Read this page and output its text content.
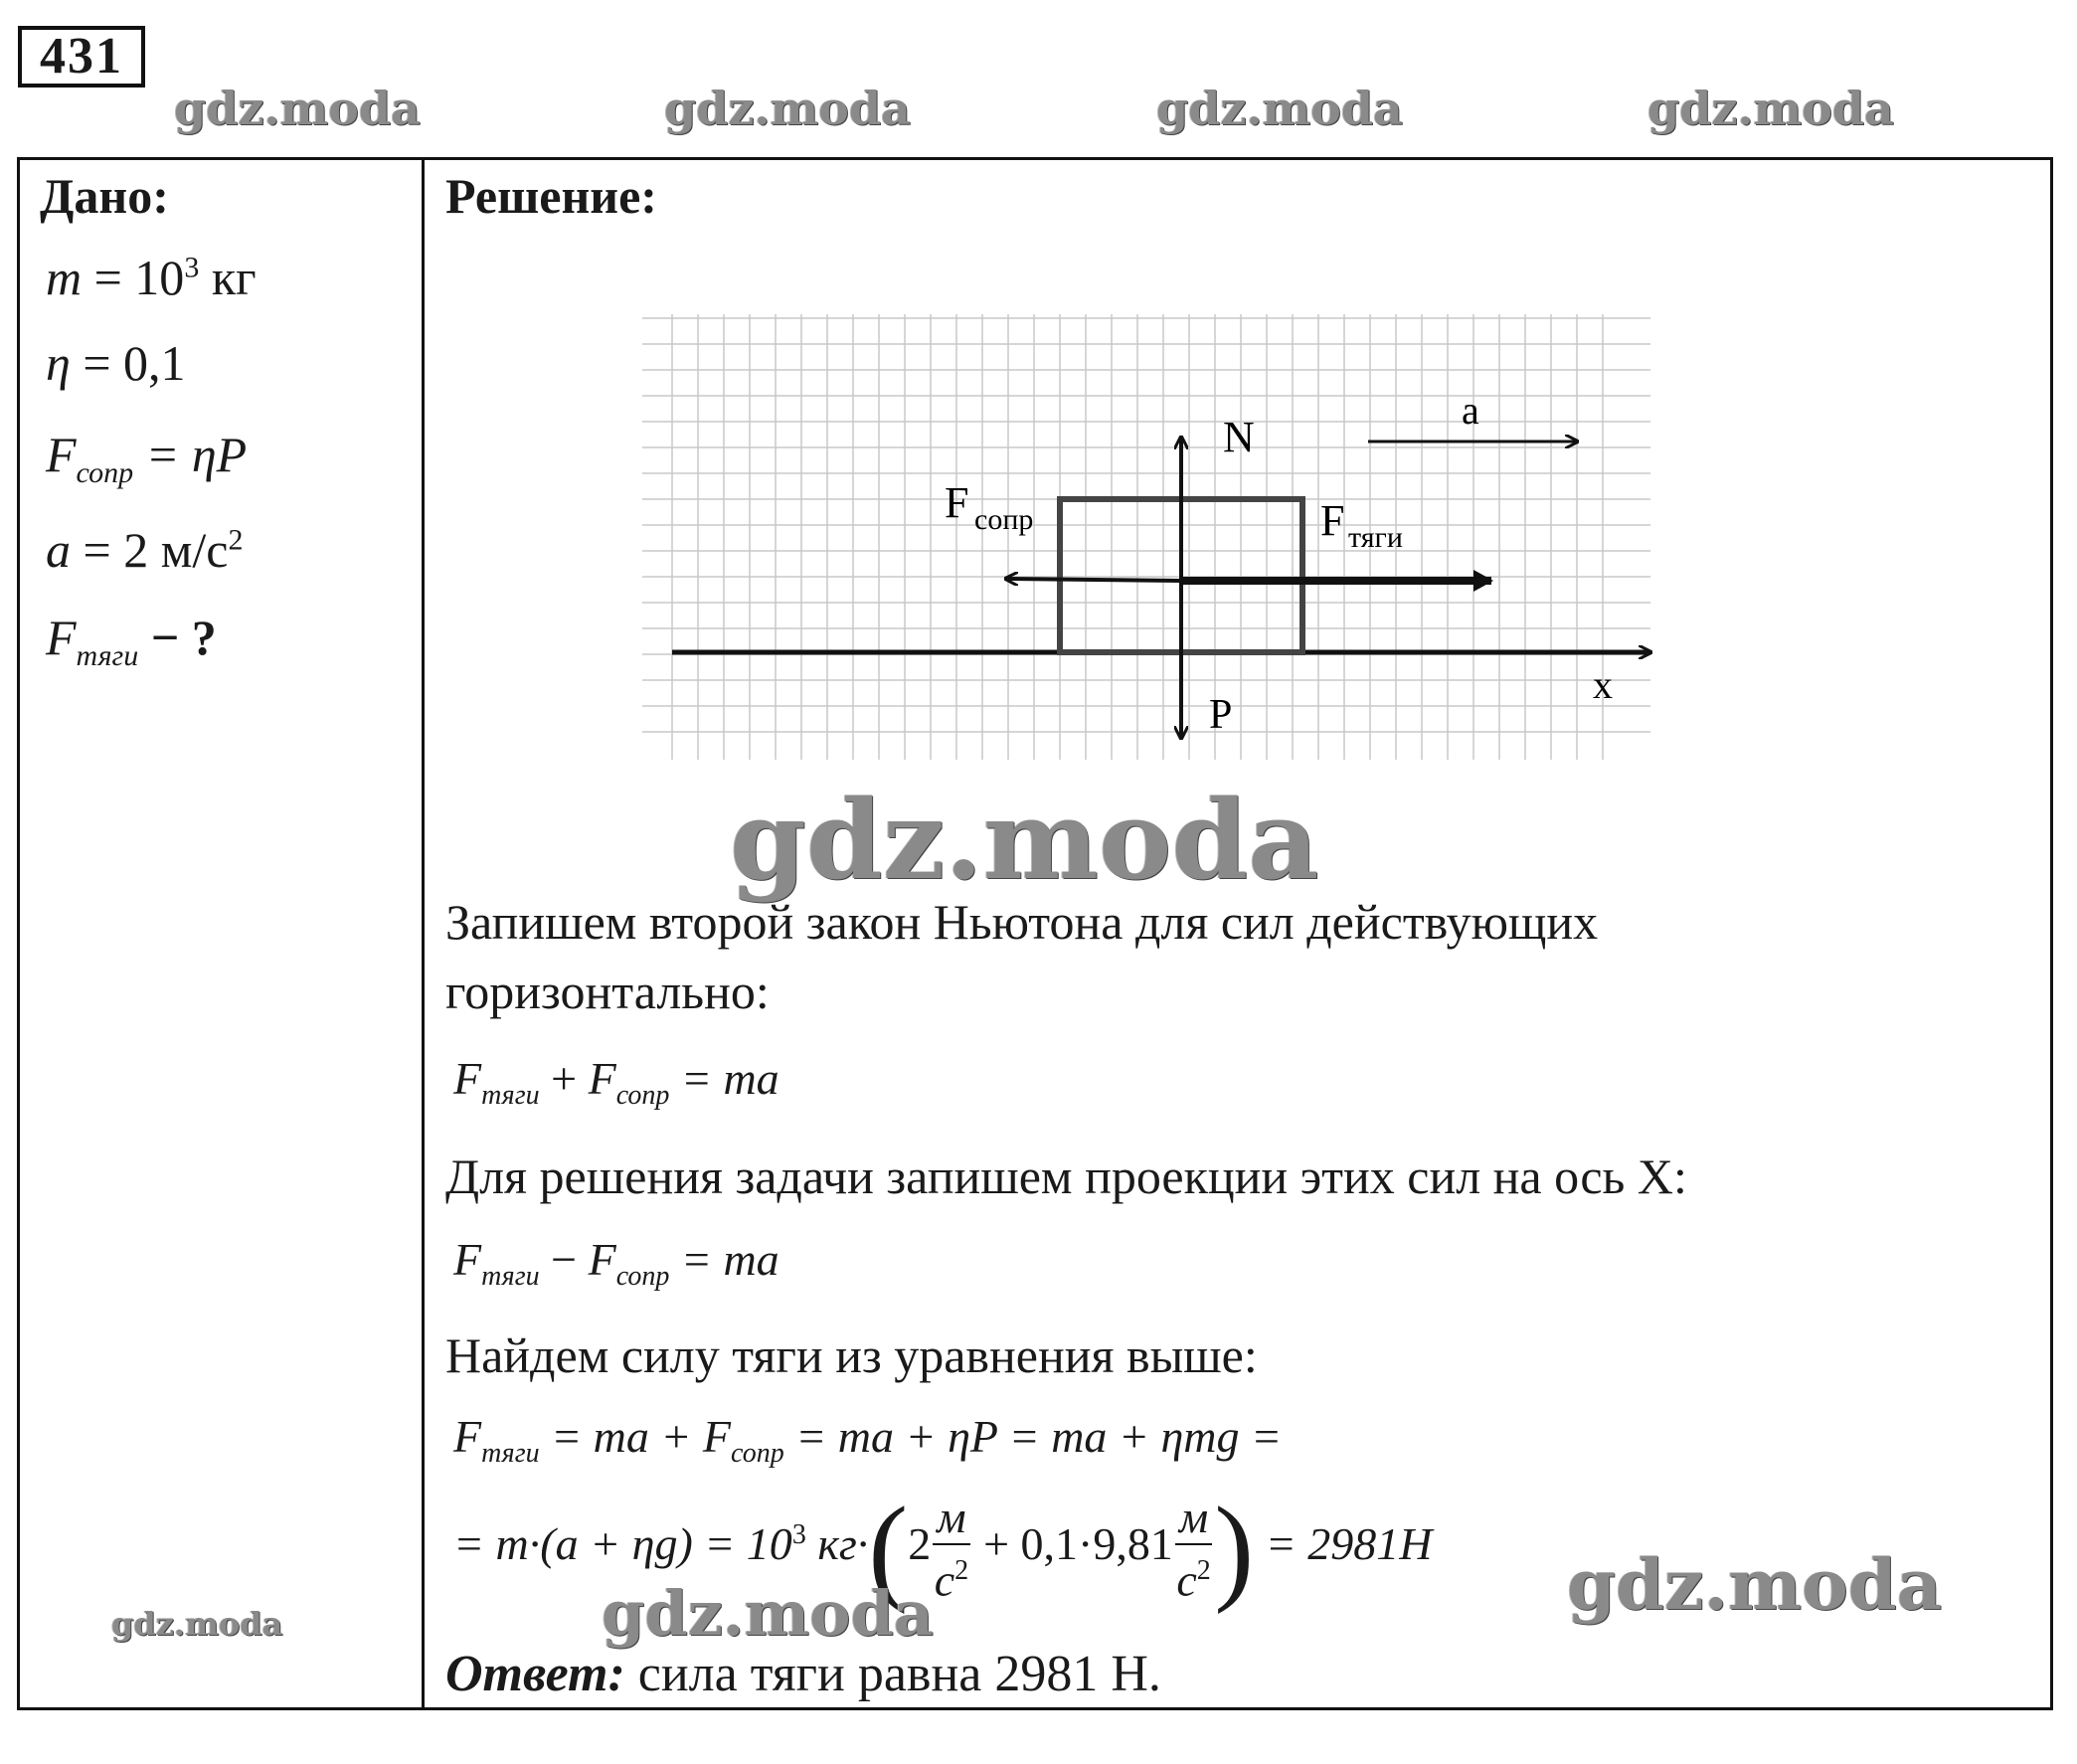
431
gdz.moda	gdz.moda	gdz.moda	gdz.moda
Дано:
$m = 10^3$ кг
η = 0,1
$F_{сопр} = \eta P$
a = 2 $м/с^2$
$F_{тяги}$ − ?
gdz.moda
Решение:
N
a
F сопр	F тяги
P
x
gdz.moda
Запишем второй закон Ньютона для сил действующих
горизонтально:
$F_{тяги} + F_{сопр}$ = ma
Для решения задачи запишем проекции этих сил на ось X:
$F_{тяги} - F_{сопр}$ = ma
Найдем силу тяги из уравнения выше:
$F_{тяги}$ = ma + $F_{сопр}$ = ma + ηP = ma + ηmg =
= $m\cdot(a + \eta g) = 10^3$ $кг\cdot(2 \frac{м}{с^2} + 0,1\cdot 9,81 \frac{м}{с^2}$ ) = 2981H
gdz.moda	gdz.moda
Ответ: сила тяги равна 2981 Н.
